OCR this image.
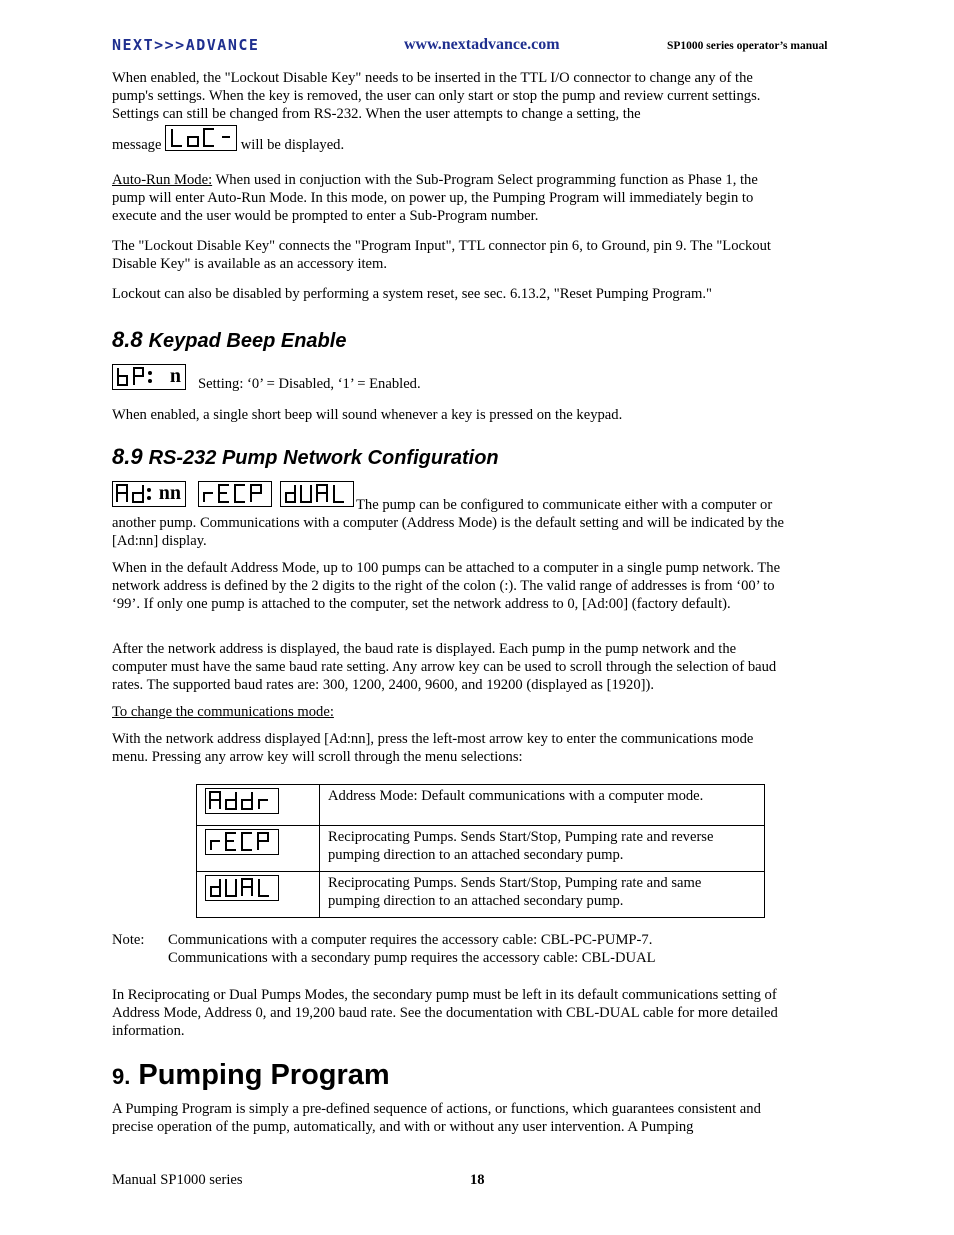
NEXT>>>ADVANCE	www.nextadvance.com	SP1000 series operator’s manual

When enabled, the "Lockout Disable Key" needs to be inserted in the TTL I/O connector to change any of the pump's settings. When the key is removed, the user can only start or stop the pump and review current settings. Settings can still be changed from RS-232. When the user attempts to change a setting, the

message	will be displayed.

Auto-Run Mode: When used in conjuction with the Sub-Program Select programming function as Phase 1, the pump will enter Auto-Run Mode. In this mode, on power up, the Pumping Program will immediately begin to execute and the user would be prompted to enter a Sub-Program number.

The "Lockout Disable Key" connects the "Program Input", TTL connector pin 6, to Ground, pin 9. The "Lockout Disable Key" is available as an accessory item.

Lockout can also be disabled by performing a system reset, see sec. 6.13.2, "Reset Pumping Program."

8.8 Keypad Beep Enable
n Setting: ‘0’ = Disabled, ‘1’ = Enabled.

When enabled, a single short beep will sound whenever a key is pressed on the keypad.

8.9 RS-232 Pump Network Configuration
nn

The pump can be configured to communicate either with a computer or another pump. Communications with a computer (Address Mode) is the default setting and will be indicated by the [Ad:nn] display.

When in the default Address Mode, up to 100 pumps can be attached to a computer in a single pump network. The network address is defined by the 2 digits to the right of the colon (:). The valid range of addresses is from ‘00’ to ‘99’. If only one pump is attached to the computer, set the network address to 0, [Ad:00] (factory default).

After the network address is displayed, the baud rate is displayed. Each pump in the pump network and the computer must have the same baud rate setting. Any arrow key can be used to scroll through the selection of baud rates. The supported baud rates are: 300, 1200, 2400, 9600, and 19200 (displayed as [1920]).

To change the communications mode:

With the network address displayed [Ad:nn], press the left-most arrow key to enter the communications mode menu. Pressing any arrow key will scroll through the menu selections:

	Address Mode: Default communications with a computer mode.

	Reciprocating Pumps. Sends Start/Stop, Pumping rate and reverse pumping direction to an attached secondary pump.

	Reciprocating Pumps. Sends Start/Stop, Pumping rate and same pumping direction to an attached secondary pump.
Note: Communications with a computer requires the accessory cable: CBL-PC-PUMP-7.
Communications with a secondary pump requires the accessory cable: CBL-DUAL

In Reciprocating or Dual Pumps Modes, the secondary pump must be left in its default communications setting of Address Mode, Address 0, and 19,200 baud rate. See the documentation with CBL-DUAL cable for more detailed information.

9. Pumping Program

A Pumping Program is simply a pre-defined sequence of actions, or functions, which guarantees consistent and precise operation of the pump, automatically, and with or without any user intervention. A Pumping

Manual SP1000 series	18
